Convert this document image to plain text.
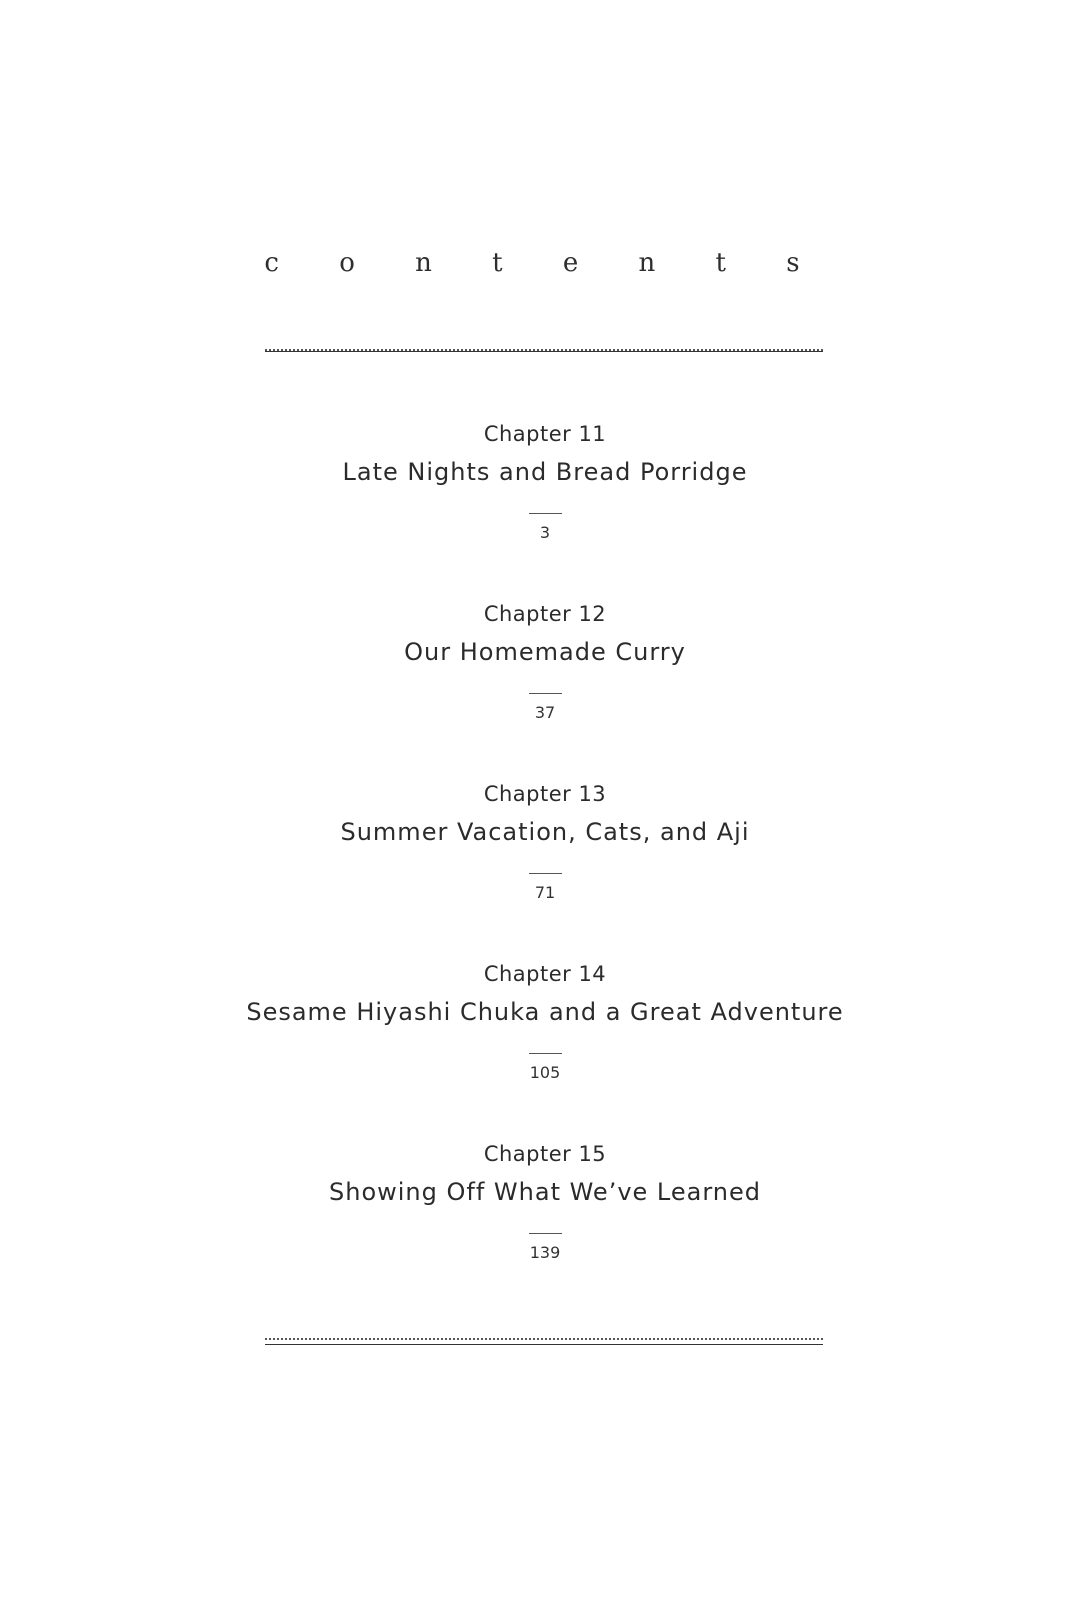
c o n t e n t s
Chapter 11
Late Nights and Bread Porridge
3
Chapter 12
Our Homemade Curry
37
Chapter 13
Summer Vacation, Cats, and Aji
71
Chapter 14
Sesame Hiyashi Chuka and a Great Adventure
105
Chapter 15
Showing Off What We’ve Learned
139
